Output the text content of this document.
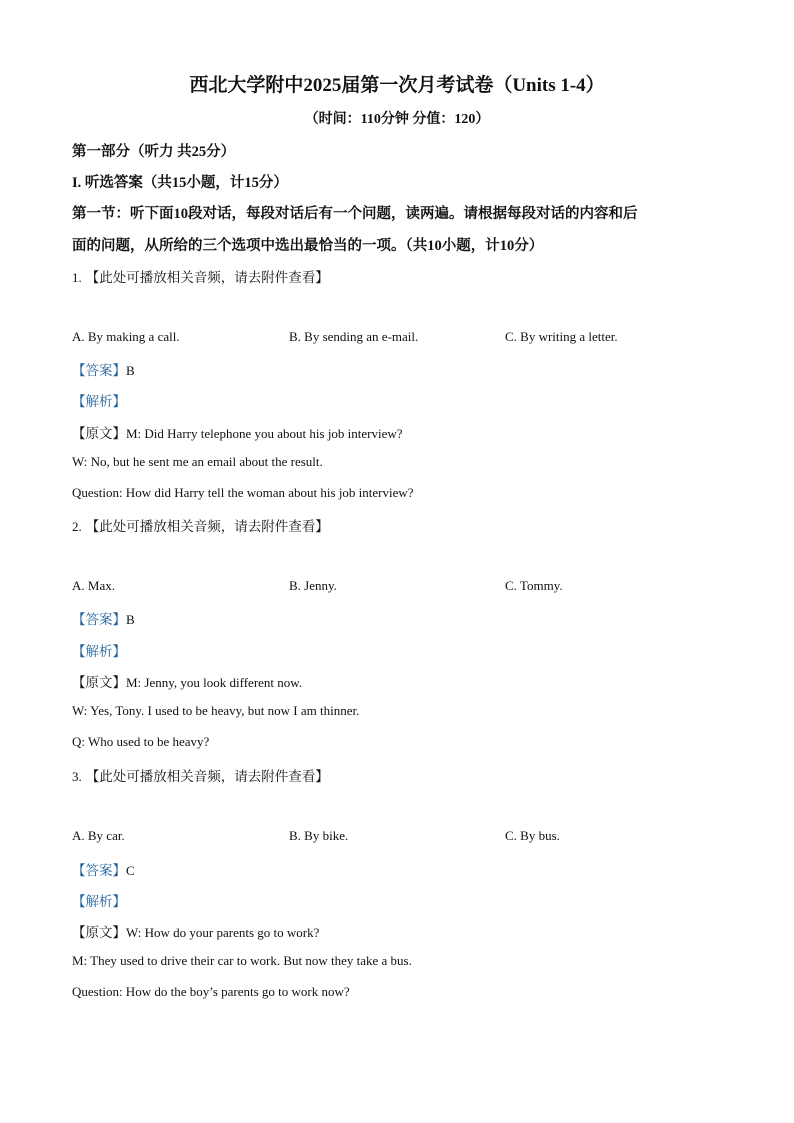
西北大学附中2025届第一次月考试卷（Units 1-4）
（时间：110分钟 分值：120）
第一部分（听力 共25分）
I. 听选答案（共15小题，计15分）
第一节：听下面10段对话，每段对话后有一个问题，读两遍。请根据每段对话的内容和后
面的问题，从所给的三个选项中选出最恰当的一项。（共10小题，计10分）
1. 【此处可播放相关音频，请去附件查看】
A. By making a call.	B. By sending an e-mail.	C. By writing a letter.
【答案】B
【解析】
【原文】M: Did Harry telephone you about his job interview?
W: No, but he sent me an email about the result.
Question: How did Harry tell the woman about his job interview?
2. 【此处可播放相关音频，请去附件查看】
A. Max.	B. Jenny.	C. Tommy.
【答案】B
【解析】
【原文】M: Jenny, you look different now.
W: Yes, Tony. I used to be heavy, but now I am thinner.
Q: Who used to be heavy?
3. 【此处可播放相关音频，请去附件查看】
A. By car.	B. By bike.	C. By bus.
【答案】C
【解析】
【原文】W: How do your parents go to work?
M: They used to drive their car to work. But now they take a bus.
Question: How do the boy’s parents go to work now?
